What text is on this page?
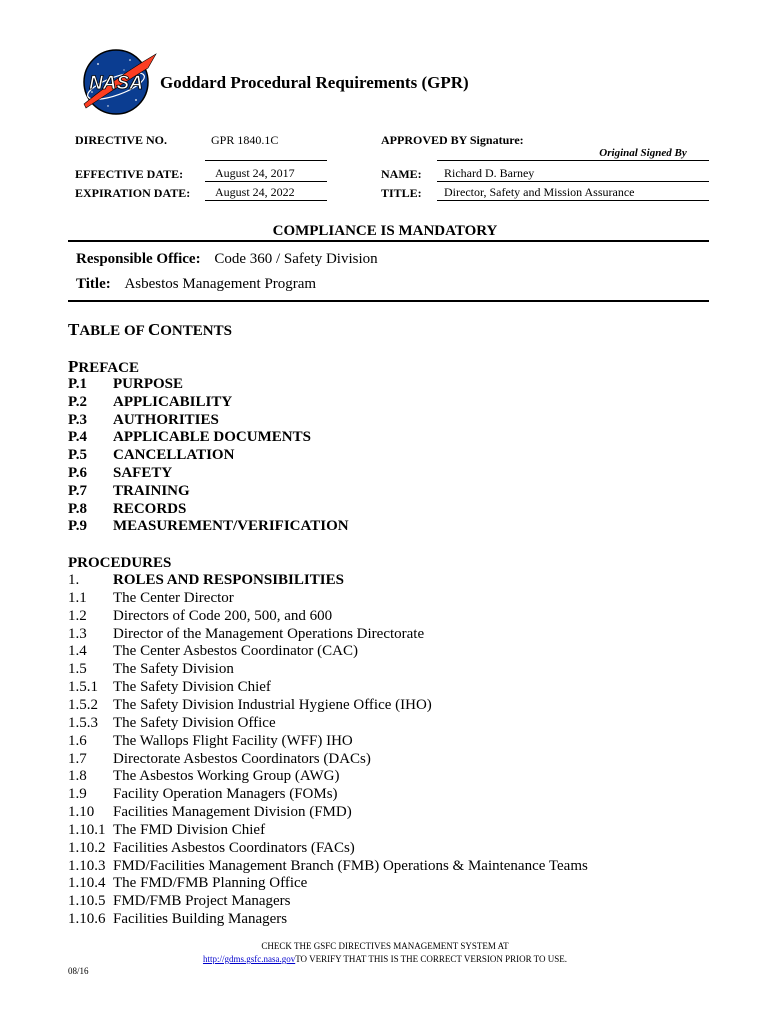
NASA Goddard Procedural Requirements (GPR)
DIRECTIVE NO.	GPR 1840.1C	APPROVED BY Signature:
Original Signed By
EFFECTIVE DATE:	August 24, 2017
EXPIRATION DATE:	August 24, 2022
NAME:	Richard D. Barney
TITLE:	Director, Safety and Mission Assurance
COMPLIANCE IS MANDATORY
Responsible Office: Code 360 / Safety Division
Title: Asbestos Management Program
TABLE OF CONTENTS
PREFACE
P.1 PURPOSE
P.2 APPLICABILITY
P.3 AUTHORITIES
P.4 APPLICABLE DOCUMENTS
P.5 CANCELLATION
P.6 SAFETY
P.7 TRAINING
P.8 RECORDS
P.9 MEASUREMENT/VERIFICATION
PROCEDURES
1. ROLES AND RESPONSIBILITIES
1.1 The Center Director
1.2 Directors of Code 200, 500, and 600
1.3 Director of the Management Operations Directorate
1.4 The Center Asbestos Coordinator (CAC)
1.5 The Safety Division
1.5.1 The Safety Division Chief
1.5.2 The Safety Division Industrial Hygiene Office (IHO)
1.5.3 The Safety Division Office
1.6 The Wallops Flight Facility (WFF) IHO
1.7 Directorate Asbestos Coordinators (DACs)
1.8 The Asbestos Working Group (AWG)
1.9 Facility Operation Managers (FOMs)
1.10 Facilities Management Division (FMD)
1.10.1 The FMD Division Chief
1.10.2 Facilities Asbestos Coordinators (FACs)
1.10.3 FMD/Facilities Management Branch (FMB) Operations & Maintenance Teams
1.10.4 The FMD/FMB Planning Office
1.10.5 FMD/FMB Project Managers
1.10.6 Facilities Building Managers
CHECK THE GSFC DIRECTIVES MANAGEMENT SYSTEM AT
http://gdms.gsfc.nasa.govTO VERIFY THAT THIS IS THE CORRECT VERSION PRIOR TO USE.
08/16
